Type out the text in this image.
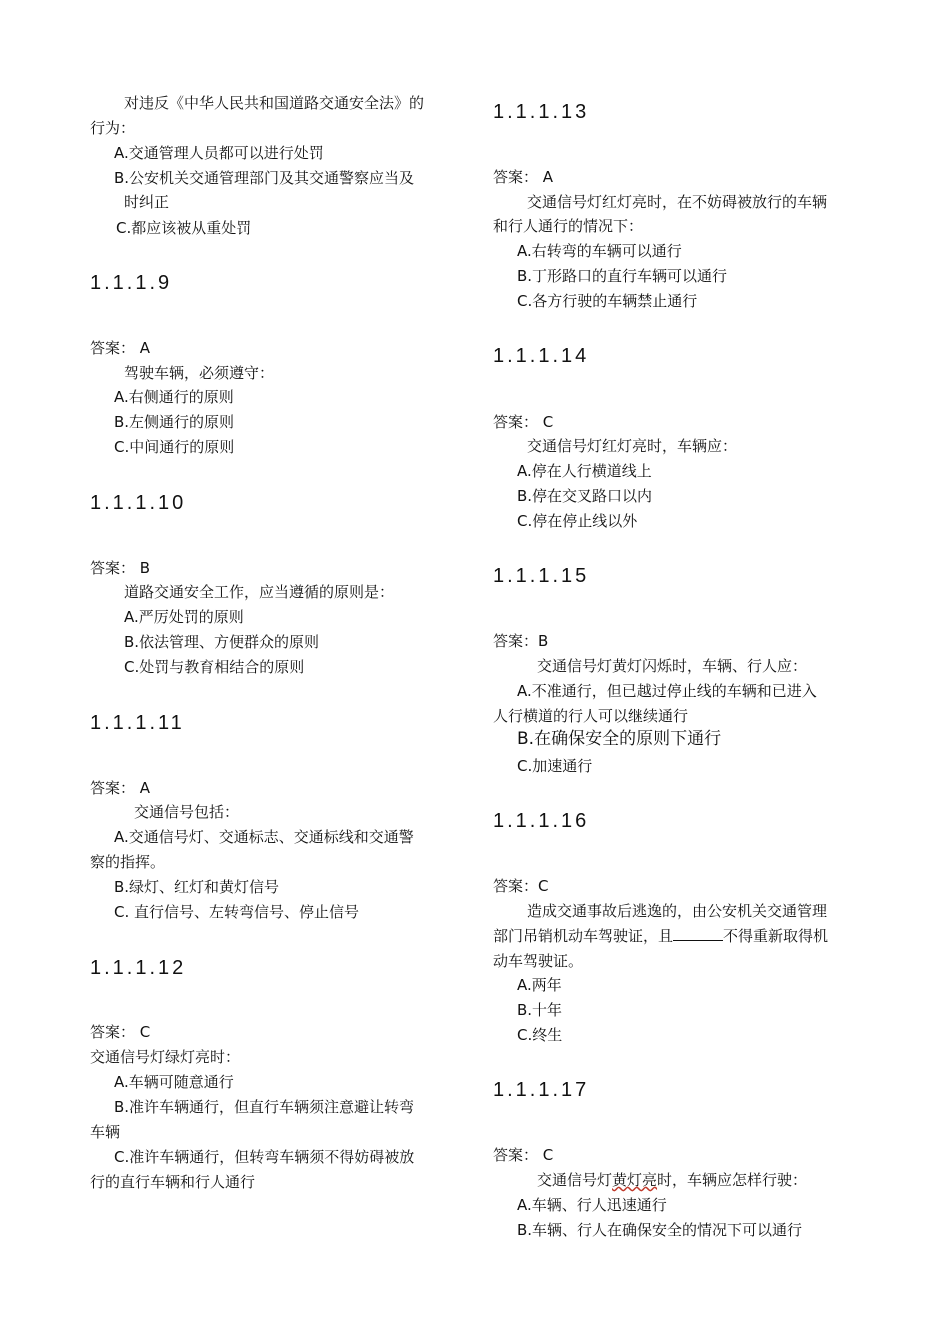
对违反《中华人民共和国道路交通安全法》的
行为：
A.交通管理人员都可以进行处罚
B.公安机关交通管理部门及其交通警察应当及
时纠正
C.都应该被从重处罚
1.1.1.9
答案： A
驾驶车辆，必须遵守：
A.右侧通行的原则
B.左侧通行的原则
C.中间通行的原则
1.1.1.10
答案： B
道路交通安全工作，应当遵循的原则是：
A.严厉处罚的原则
B.依法管理、方便群众的原则
C.处罚与教育相结合的原则
1.1.1.11
答案： A
交通信号包括：
A.交通信号灯、交通标志、交通标线和交通警
察的指挥。
B.绿灯、红灯和黄灯信号
C. 直行信号、左转弯信号、停止信号
1.1.1.12
答案： C
交通信号灯绿灯亮时：
A.车辆可随意通行
B.准许车辆通行，但直行车辆须注意避让转弯
车辆
C.准许车辆通行，但转弯车辆须不得妨碍被放
行的直行车辆和行人通行
1.1.1.13
答案： A
交通信号灯红灯亮时，在不妨碍被放行的车辆
和行人通行的情况下：
A.右转弯的车辆可以通行
B.丁形路口的直行车辆可以通行
C.各方行驶的车辆禁止通行
1.1.1.14
答案： C
交通信号灯红灯亮时，车辆应：
A.停在人行横道线上
B.停在交叉路口以内
C.停在停止线以外
1.1.1.15
答案：B
交通信号灯黄灯闪烁时，车辆、行人应：
A.不准通行，但已越过停止线的车辆和已进入
人行横道的行人可以继续通行
B.在确保安全的原则下通行
C.加速通行
1.1.1.16
答案：C
造成交通事故后逃逸的，由公安机关交通管理
部门吊销机动车驾驶证，且	不得重新取得机
动车驾驶证。
A.两年
B.十年
C.终生
1.1.1.17
答案： C
交通信号灯黄灯亮时，车辆应怎样行驶：
A.车辆、行人迅速通行
B.车辆、行人在确保安全的情况下可以通行
